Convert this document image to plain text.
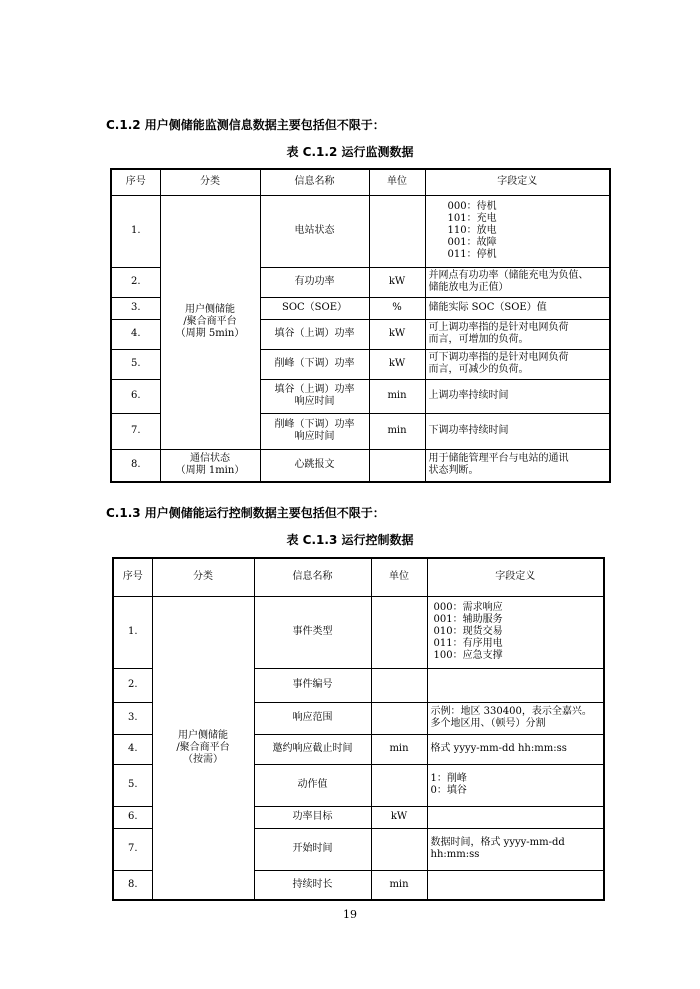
C.1.2 用户侧储能监测信息数据主要包括但不限于：
表 C.1.2 运行监测数据
序号	分类	信息名称	单位	字段定义
1.	用户侧储能
/聚合商平台
（周期 5min）	电站状态		000：待机
101：充电
110：放电
001：故障
011：停机
2.		有功功率	kW	并网点有功功率（储能充电为负值、
储能放电为正值）
3.		SOC（SOE）	%	储能实际 SOC（SOE）值
4.		填谷（上调）功率	kW	可上调功率指的是针对电网负荷
而言，可增加的负荷。
5.		削峰（下调）功率	kW	可下调功率指的是针对电网负荷
而言，可减少的负荷。
6.		填谷（上调）功率
响应时间	min	上调功率持续时间
7.		削峰（下调）功率
响应时间	min	下调功率持续时间
8.	通信状态
（周期 1min）	心跳报文		用于储能管理平台与电站的通讯
状态判断。
C.1.3 用户侧储能运行控制数据主要包括但不限于：
表 C.1.3 运行控制数据
序号	分类	信息名称	单位	字段定义
1.	用户侧储能
/聚合商平台
（按需）	事件类型		000：需求响应
001：辅助服务
010：现货交易
011：有序用电
100：应急支撑
2.		事件编号		
3.		响应范围		示例：地区 330400，表示全嘉兴。
多个地区用、（顿号）分割
4.		邀约响应截止时间	min	格式 yyyy-mm-dd hh:mm:ss
5.		动作值		1：削峰
0：填谷
6.		功率目标	kW	
7.		开始时间		数据时间，格式 yyyy-mm-dd
hh:mm:ss
8.		持续时长	min	
19
